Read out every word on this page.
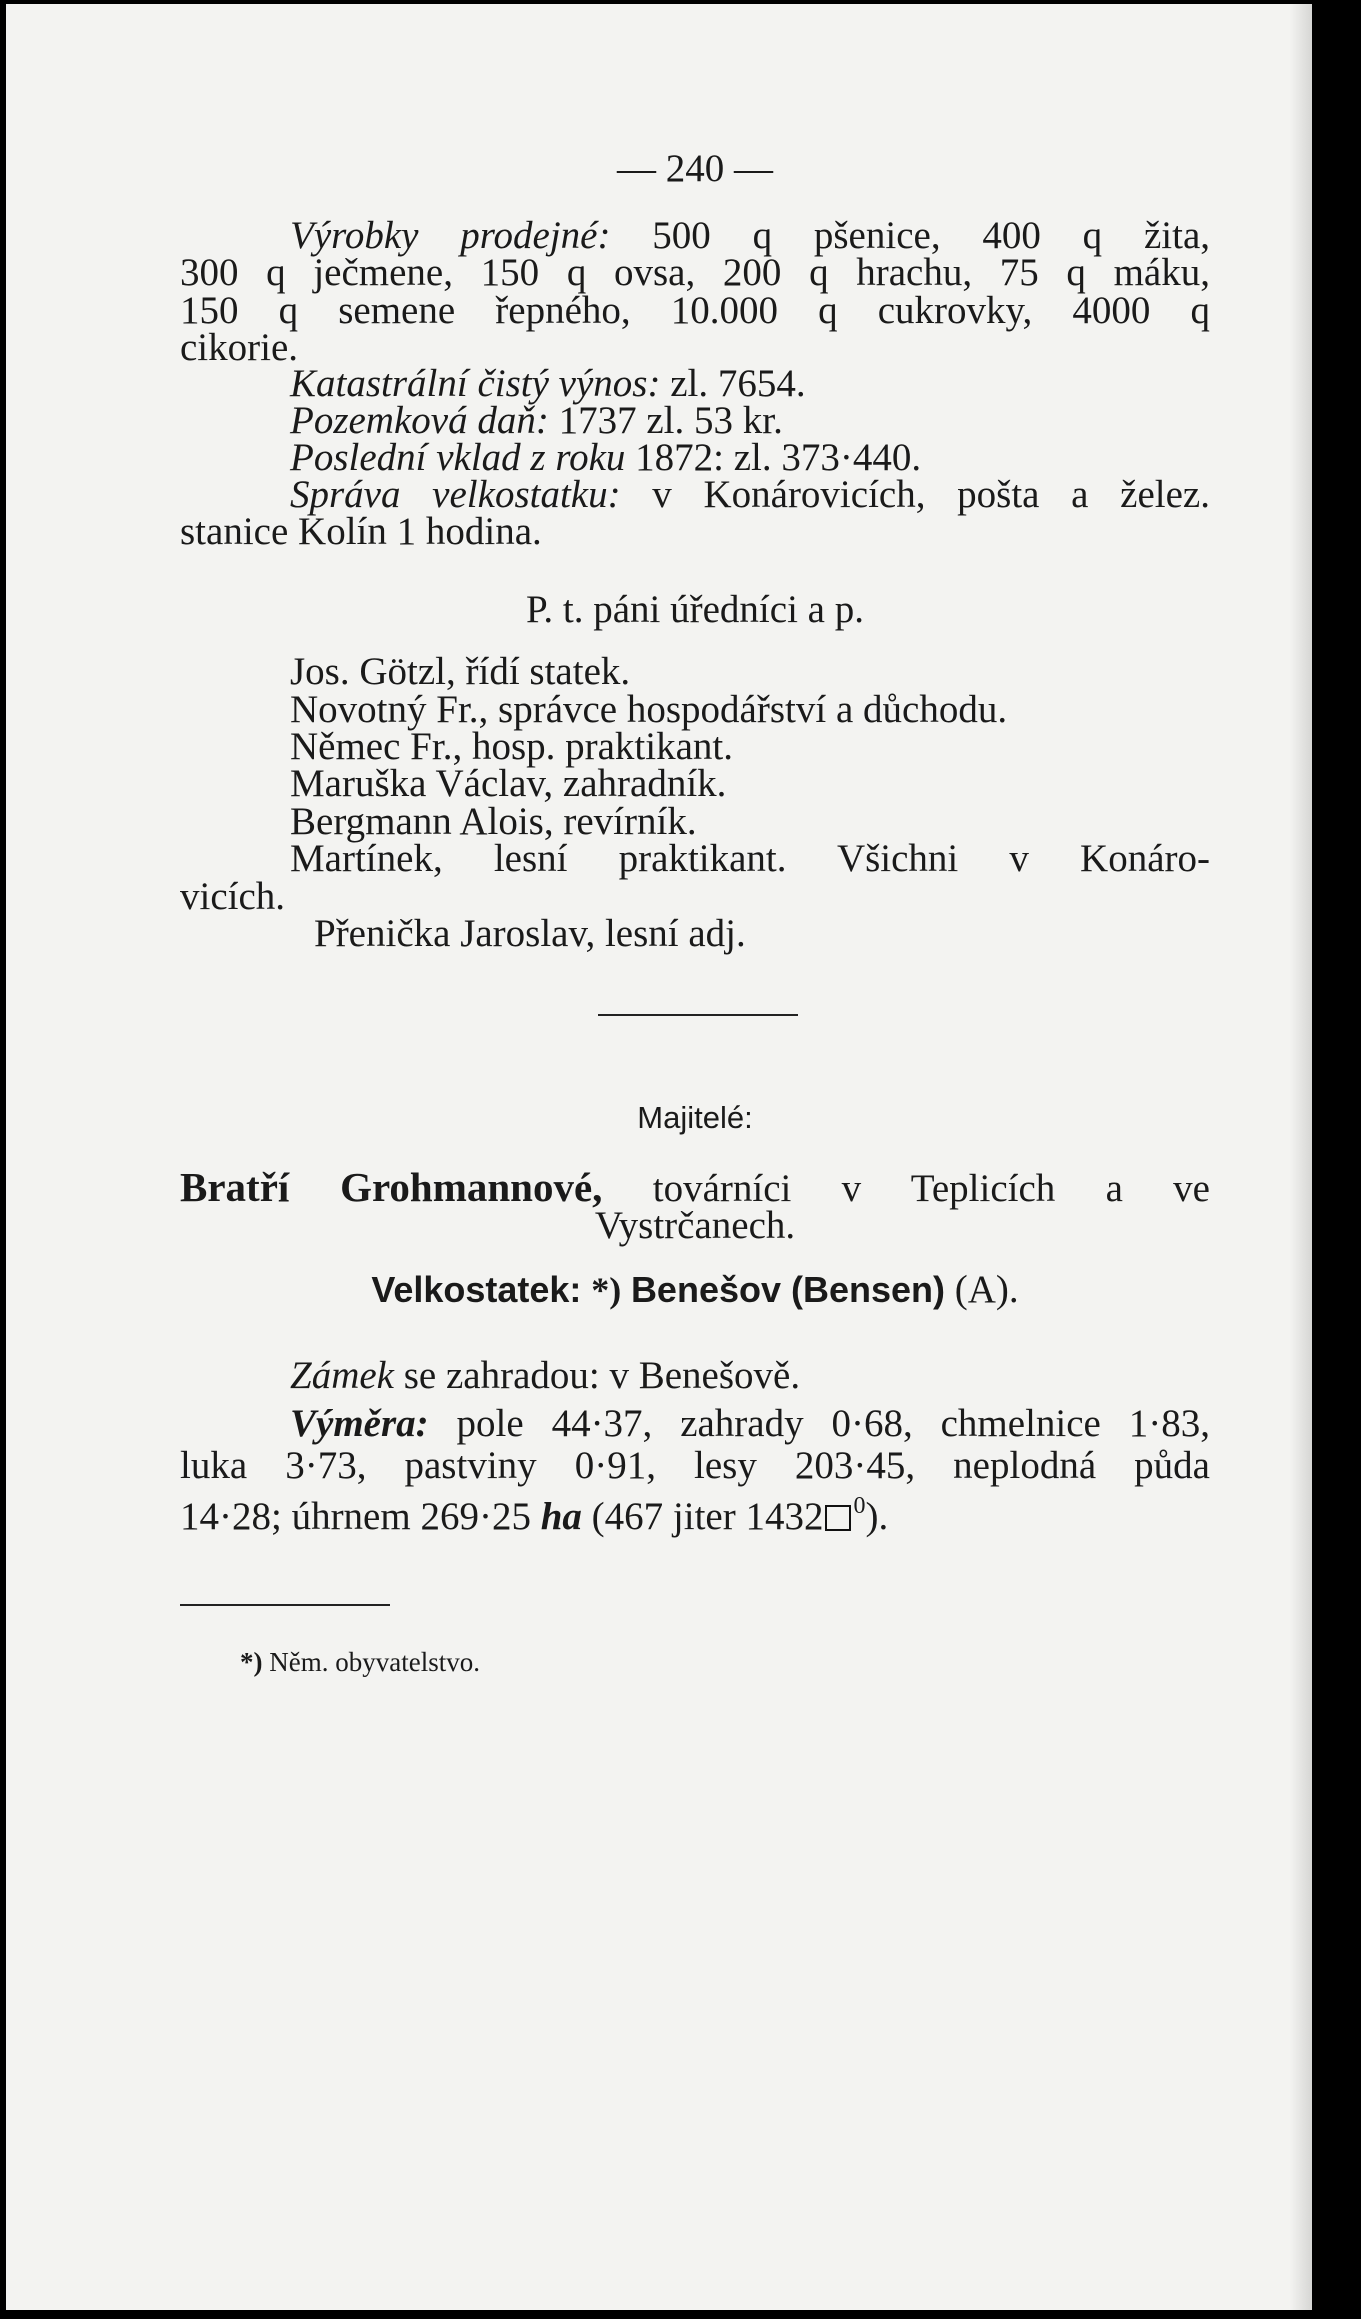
— 240 —
Výrobky prodejné: 500 q pšenice, 400 q žita,
300 q ječmene, 150 q ovsa, 200 q hrachu, 75 q máku,
150 q semene řepného, 10.000 q cukrovky, 4000 q
cikorie.
Katastrální čistý výnos: zl. 7654.
Pozemková daň: 1737 zl. 53 kr.
Poslední vklad z roku 1872: zl. 373·440.
Správa velkostatku: v Konárovicích, pošta a želez.
stanice Kolín 1 hodina.
P. t. páni úředníci a p.
Jos. Götzl, řídí statek.
Novotný Fr., správce hospodářství a důchodu.
Němec Fr., hosp. praktikant.
Maruška Václav, zahradník.
Bergmann Alois, revírník.
Martínek, lesní praktikant. Všichni v Konáro-
vicích.
Přenička Jaroslav, lesní adj.
Majitelé:
Bratří Grohmannové, továrníci v Teplicích a ve
Vystrčanech.
Velkostatek: *) Benešov (Bensen) (A).
Zámek se zahradou: v Benešově.
Výměra: pole 44·37, zahrady 0·68, chmelnice 1·83,
luka 3·73, pastviny 0·91, lesy 203·45, neplodná půda
14·28; úhrnem 269·25 ha (467 jiter 1432 $^0$).
*) Něm. obyvatelstvo.
